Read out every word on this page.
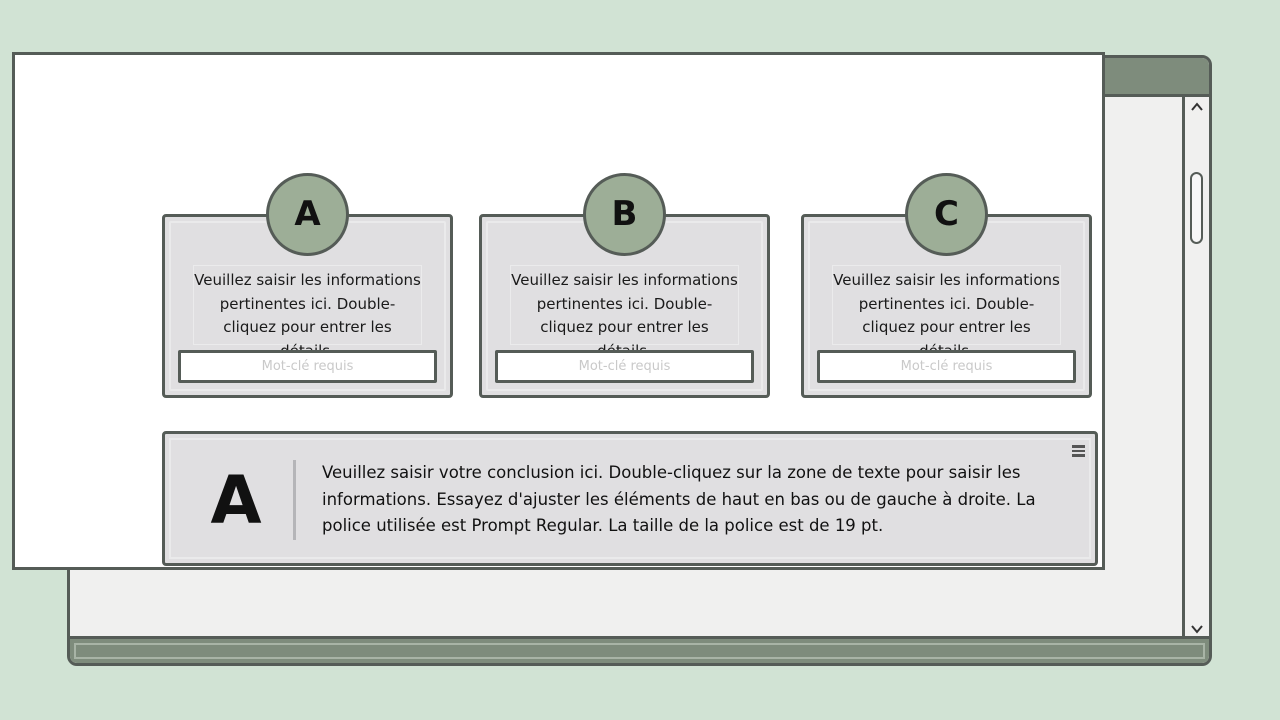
Veuillez saisir les informations pertinentes ici. Double-cliquez pour entrer les
Mot-clé requis
A
Veuillez saisir les informations pertinentes ici. Double-cliquez pour entrer les
Mot-clé requis
B
Veuillez saisir les informations pertinentes ici. Double-cliquez pour entrer les
Mot-clé requis
C
A	Veuillez saisir votre conclusion ici. Double-cliquez sur la zone de texte pour saisir les informations. Essayez d'ajuster les éléments de haut en bas ou de gauche à droite. La police utilisée est Prompt Regular. La taille de la police est de 19 pt.
